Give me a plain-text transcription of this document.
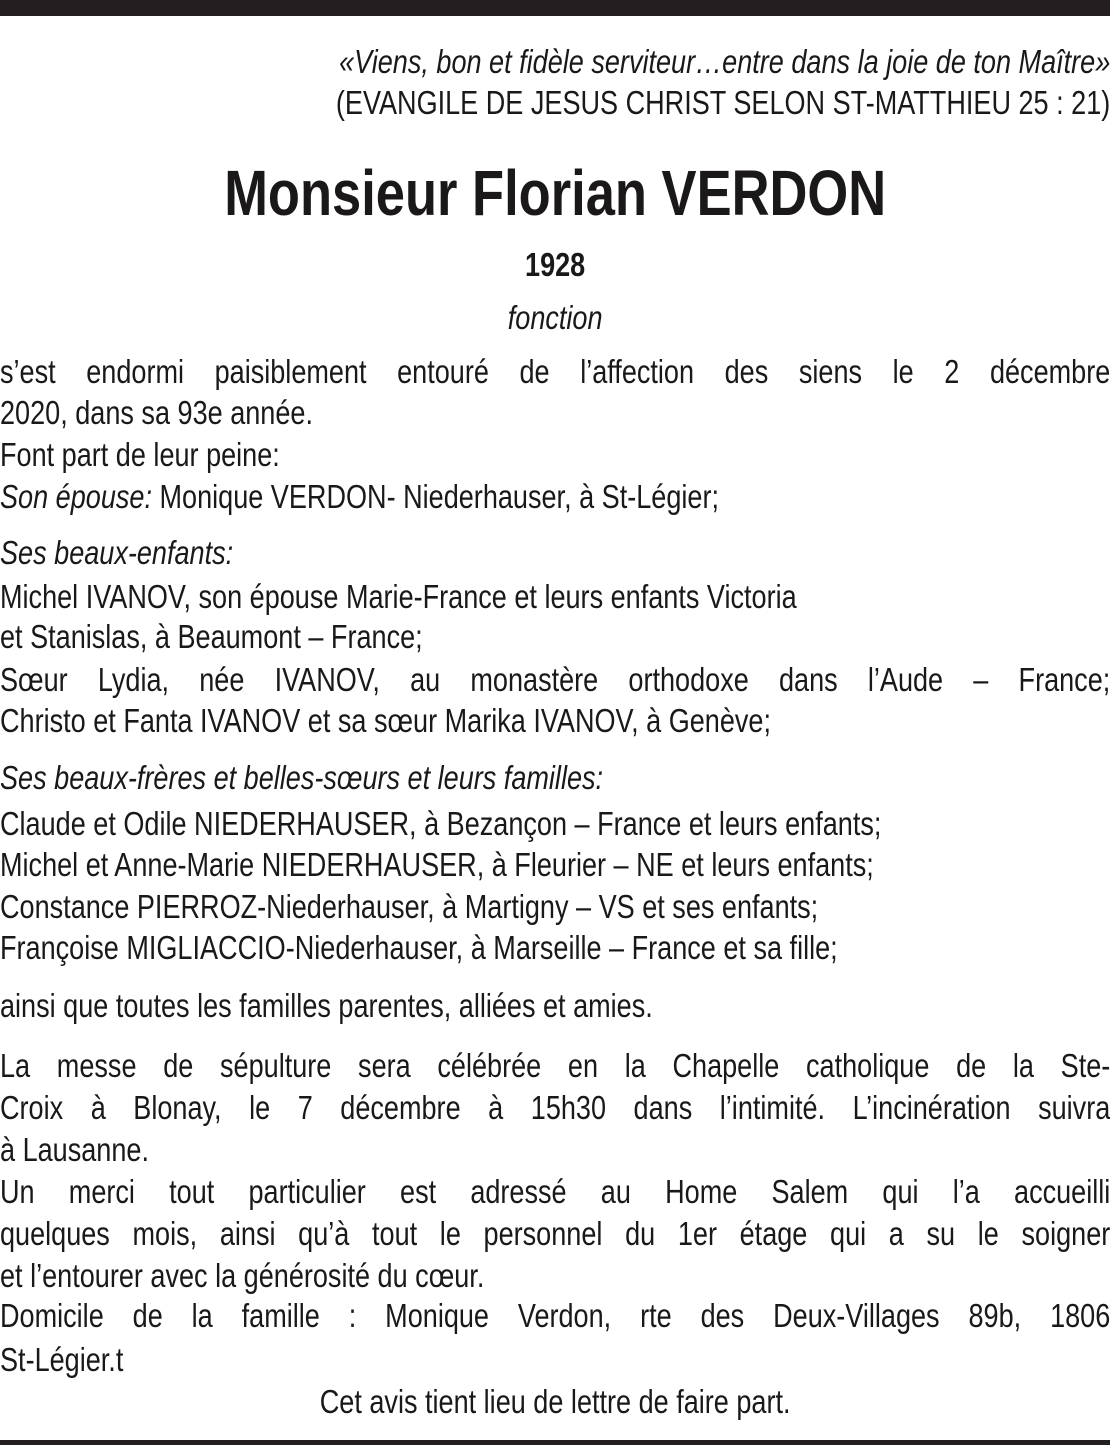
«Viens, bon et fidèle serviteur…entre dans la joie de ton Maître»
(EVANGILE DE JESUS CHRIST SELON ST-MATTHIEU 25 : 21)
Monsieur Florian VERDON
1928
fonction
s’est endormi paisiblement entouré de l’affection des siens le 2 décembre
2020, dans sa 93e année.
Font part de leur peine:
Son épouse: Monique VERDON- Niederhauser, à St-Légier;
Ses beaux-enfants:
Michel IVANOV, son épouse Marie-France et leurs enfants Victoria
et Stanislas, à Beaumont – France;
Sœur Lydia, née IVANOV, au monastère orthodoxe dans l’Aude – France;
Christo et Fanta IVANOV et sa sœur Marika IVANOV, à Genève;
Ses beaux-frères et belles-sœurs et leurs familles:
Claude et Odile NIEDERHAUSER, à Bezançon – France et leurs enfants;
Michel et Anne-Marie NIEDERHAUSER, à Fleurier – NE et leurs enfants;
Constance PIERROZ-Niederhauser, à Martigny – VS et ses enfants;
Françoise MIGLIACCIO-Niederhauser, à Marseille – France et sa fille;
ainsi que toutes les familles parentes, alliées et amies.
La messe de sépulture sera célébrée en la Chapelle catholique de la Ste-
Croix à Blonay, le 7 décembre à 15h30 dans l’intimité. L’incinération suivra
à Lausanne.
Un merci tout particulier est adressé au Home Salem qui l’a accueilli
quelques mois, ainsi qu’à tout le personnel du 1er étage qui a su le soigner
et l’entourer avec la générosité du cœur.
Domicile de la famille : Monique Verdon, rte des Deux-Villages 89b, 1806
St-Légier.t
Cet avis tient lieu de lettre de faire part.
